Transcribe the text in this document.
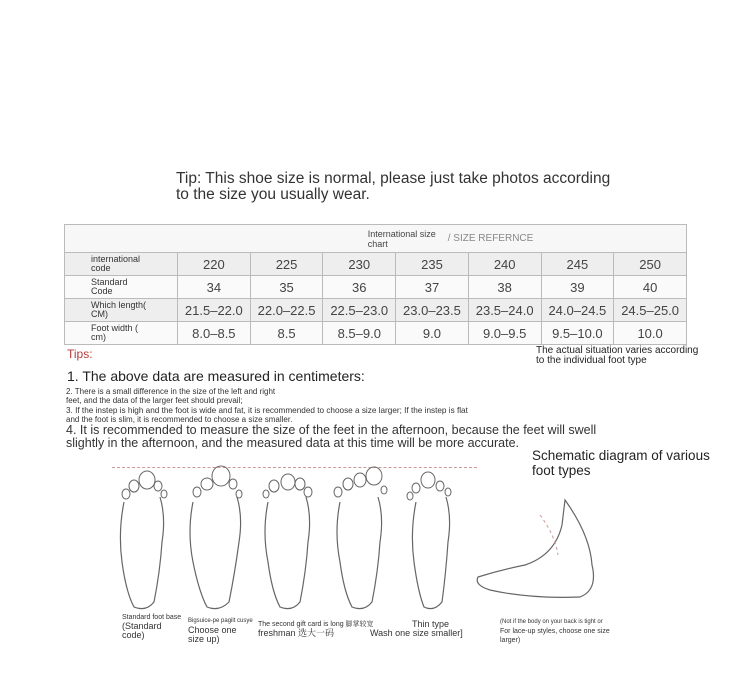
Tip: This shoe size is normal, please just take photos according
to the size you usually wear.
International size
chart / SIZE REFERNCE							
international
code	220	225	230	235	240	245	250
Standard
Code	34	35	36	37	38	39	40
Which length(
CM)	21.5–22.0	22.0–22.5	22.5–23.0	23.0–23.5	23.5–24.0	24.0–24.5	24.5–25.0
Foot width (
cm)	8.0–8.5	8.5	8.5–9.0	9.0	9.0–9.5	9.5–10.0	10.0
Tips:	The actual situation varies according to the individual foot type
1. The above data are measured in centimeters:
2. There is a small difference in the size of the left and right
feet, and the data of the larger feet should prevail;
3. If the instep is high and the foot is wide and fat, it is recommended to choose a size larger; If the instep is flat
and the foot is slim, it is recommended to choose a size smaller.
4. It is recommended to measure the size of the feet in the afternoon, because the feet will swell slightly in the afternoon, and the measured data at this time will be more accurate.
Schematic diagram of various foot types
Standard foot base
(Standard code)
Bigsuice-pe pagilt cusye
Choose one size up)
The second gift card is long 脚掌较宽
freshman 选大一码
Thin type
Wash one size smaller]
(Not if the body on your back is tight or
For lace-up styles, choose one size larger)
